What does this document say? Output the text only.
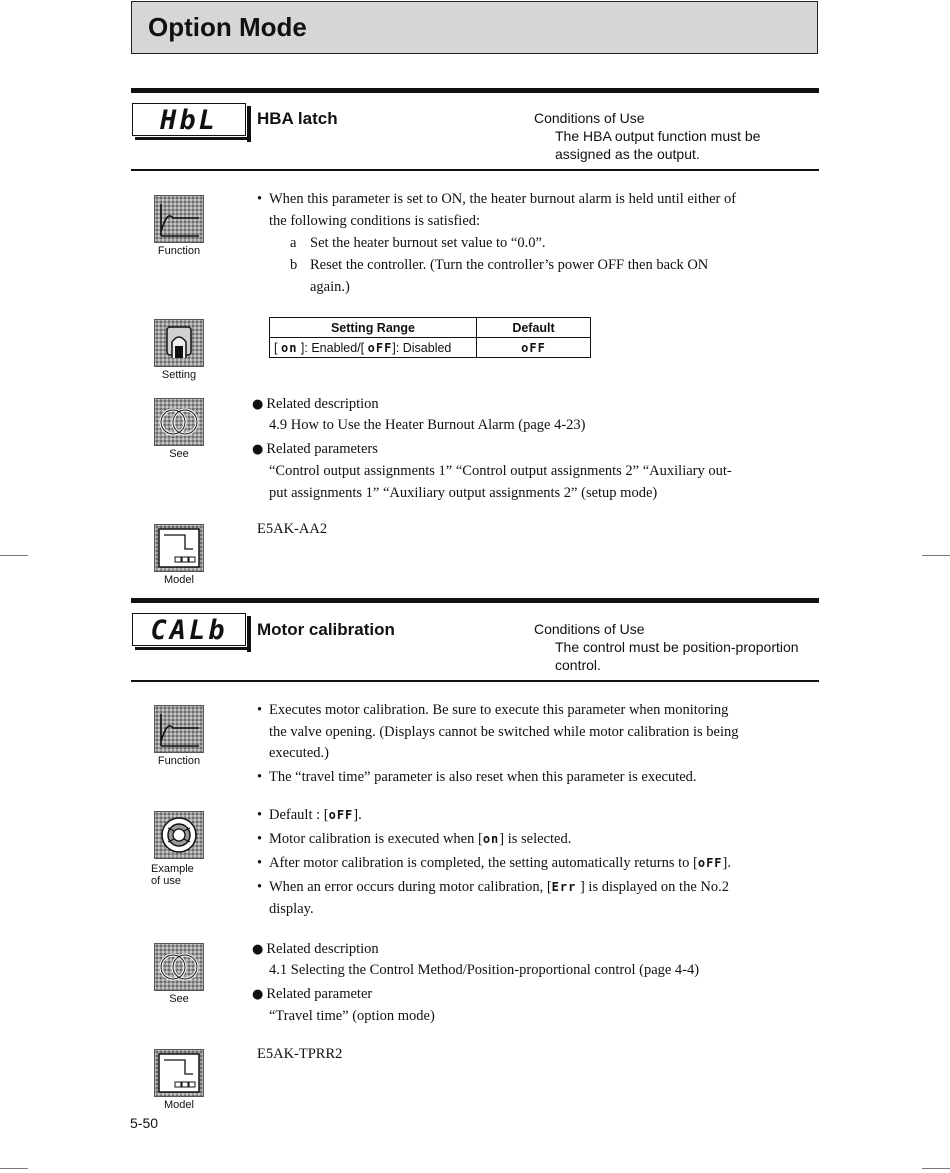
Option Mode
HbL	HBA latch	Conditions of Use
The HBA output function must be
assigned as the output.
Function
• When this parameter is set to ON, the heater burnout alarm is held until either of
the following conditions is satisfied:
a Set the heater burnout set value to “0.0”.
b Reset the controller. (Turn the controller’s power OFF then back ON
again.)
Setting
Setting Range	Default
[ on ]: Enabled/[ oFF]: Disabled	oFF
See
● Related description
4.9 How to Use the Heater Burnout Alarm (page 4-23)
● Related parameters
“Control output assignments 1” “Control output assignments 2” “Auxiliary out-
put assignments 1” “Auxiliary output assignments 2” (setup mode)
Model
E5AK-AA2
CALb	Motor calibration	Conditions of Use
The control must be position-proportion
control.
Function
• Executes motor calibration. Be sure to execute this parameter when monitoring
the valve opening. (Displays cannot be switched while motor calibration is being
executed.)
• The “travel time” parameter is also reset when this parameter is executed.
Example
of use
• Default : [oFF].
• Motor calibration is executed when [on] is selected.
• After motor calibration is completed, the setting automatically returns to [oFF].
• When an error occurs during motor calibration, [Err ] is displayed on the No.2
display.
See
● Related description
4.1 Selecting the Control Method/Position-proportional control (page 4-4)
● Related parameter
“Travel time” (option mode)
Model
E5AK-TPRR2
5-50
